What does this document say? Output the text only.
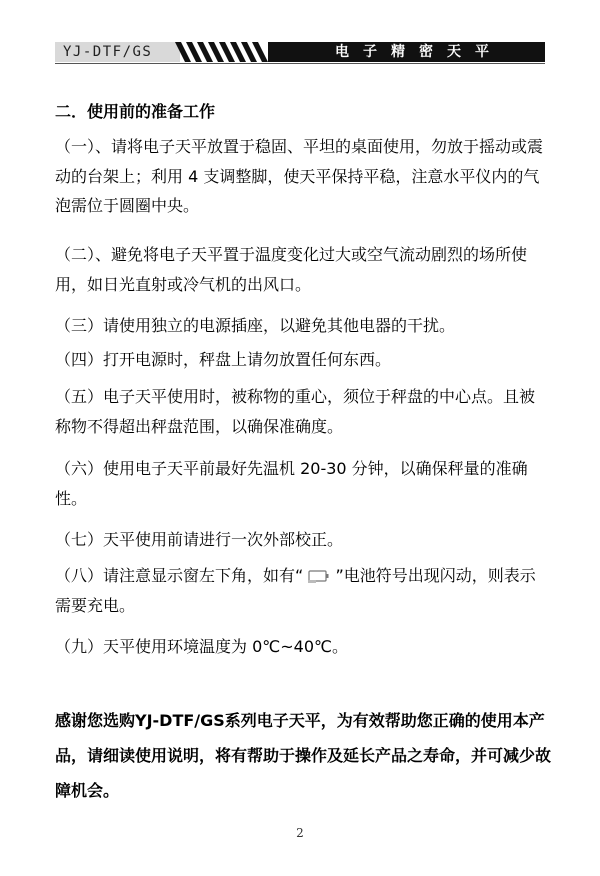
YJ-DTF/GS	电子精密天平
二．使用前的准备工作
（一）、请将电子天平放置于稳固、平坦的桌面使用，勿放于摇动或震动的台架上；利用 4 支调整脚，使天平保持平稳，注意水平仪内的气泡需位于圆圈中央。
（二）、避免将电子天平置于温度变化过大或空气流动剧烈的场所使用，如日光直射或冷气机的出风口。
（三）请使用独立的电源插座，以避免其他电器的干扰。
（四）打开电源时，秤盘上请勿放置任何东西。
（五）电子天平使用时，被称物的重心，须位于秤盘的中心点。且被称物不得超出秤盘范围，以确保准确度。
（六）使用电子天平前最好先温机 20-30 分钟，以确保秤量的准确性。
（七）天平使用前请进行一次外部校正。
（八）请注意显示窗左下角，如有“ ”电池符号出现闪动，则表示需要充电。
（九）天平使用环境温度为 0℃~40℃。
感谢您选购YJ-DTF/GS系列电子天平，为有效帮助您正确的使用本产品，请细读使用说明，将有帮助于操作及延长产品之寿命，并可减少故障机会。
2
